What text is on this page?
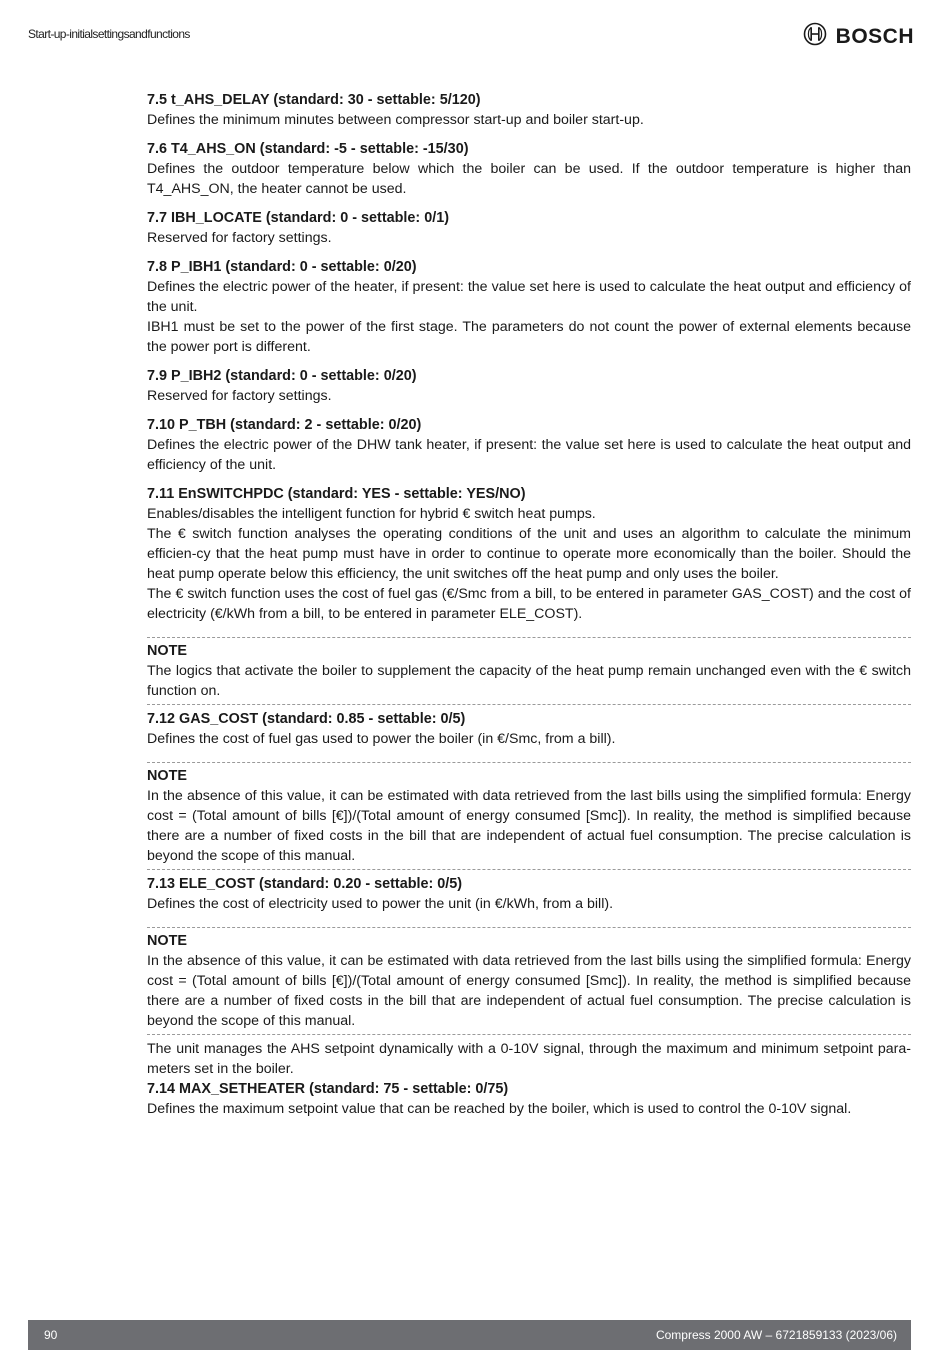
Start-up-initialsettingsandfunctions	BOSCH
7.5 t_AHS_DELAY (standard: 30 - settable: 5/120)

Defines the minimum minutes between compressor start-up and boiler start-up.

7.6 T4_AHS_ON (standard: -5 - settable: -15/30)

Defines the outdoor temperature below which the boiler can be used. If the outdoor temperature is higher than T4_AHS_ON, the heater cannot be used.

7.7 IBH_LOCATE (standard: 0 - settable: 0/1)

Reserved for factory settings.

7.8 P_IBH1 (standard: 0 - settable: 0/20)

Defines the electric power of the heater, if present: the value set here is used to calculate the heat output and efficiency of the unit.

IBH1 must be set to the power of the first stage. The parameters do not count the power of external elements because the power port is different.

7.9 P_IBH2 (standard: 0 - settable: 0/20)

Reserved for factory settings.

7.10 P_TBH (standard: 2 - settable: 0/20)

Defines the electric power of the DHW tank heater, if present: the value set here is used to calculate the heat output and efficiency of the unit.

7.11 EnSWITCHPDC (standard: YES - settable: YES/NO)

Enables/disables the intelligent function for hybrid € switch heat pumps.

The € switch function analyses the operating conditions of the unit and uses an algorithm to calculate the minimum efficien-cy that the heat pump must have in order to continue to operate more economically than the boiler. Should the heat pump operate below this efficiency, the unit switches off the heat pump and only uses the boiler.

The € switch function uses the cost of fuel gas (€/Smc from a bill, to be entered in parameter GAS_COST) and the cost of electricity (€/kWh from a bill, to be entered in parameter ELE_COST).

NOTE

The logics that activate the boiler to supplement the capacity of the heat pump remain unchanged even with the € switch function on.

7.12 GAS_COST (standard: 0.85 - settable: 0/5)

Defines the cost of fuel gas used to power the boiler (in €/Smc, from a bill).

NOTE

In the absence of this value, it can be estimated with data retrieved from the last bills using the simplified formula: Energy cost = (Total amount of bills [€])/(Total amount of energy consumed [Smc]). In reality, the method is simplified because there are a number of fixed costs in the bill that are independent of actual fuel consumption. The precise calculation is beyond the scope of this manual.

7.13 ELE_COST (standard: 0.20 - settable: 0/5)

Defines the cost of electricity used to power the unit (in €/kWh, from a bill).

NOTE

In the absence of this value, it can be estimated with data retrieved from the last bills using the simplified formula: Energy cost = (Total amount of bills [€])/(Total amount of energy consumed [Smc]). In reality, the method is simplified because there are a number of fixed costs in the bill that are independent of actual fuel consumption. The precise calculation is beyond the scope of this manual.

The unit manages the AHS setpoint dynamically with a 0-10V signal, through the maximum and minimum setpoint para-meters set in the boiler.

7.14 MAX_SETHEATER (standard: 75 - settable: 0/75)

Defines the maximum setpoint value that can be reached by the boiler, which is used to control the 0-10V signal.

90	Compress 2000 AW – 6721859133 (2023/06)
